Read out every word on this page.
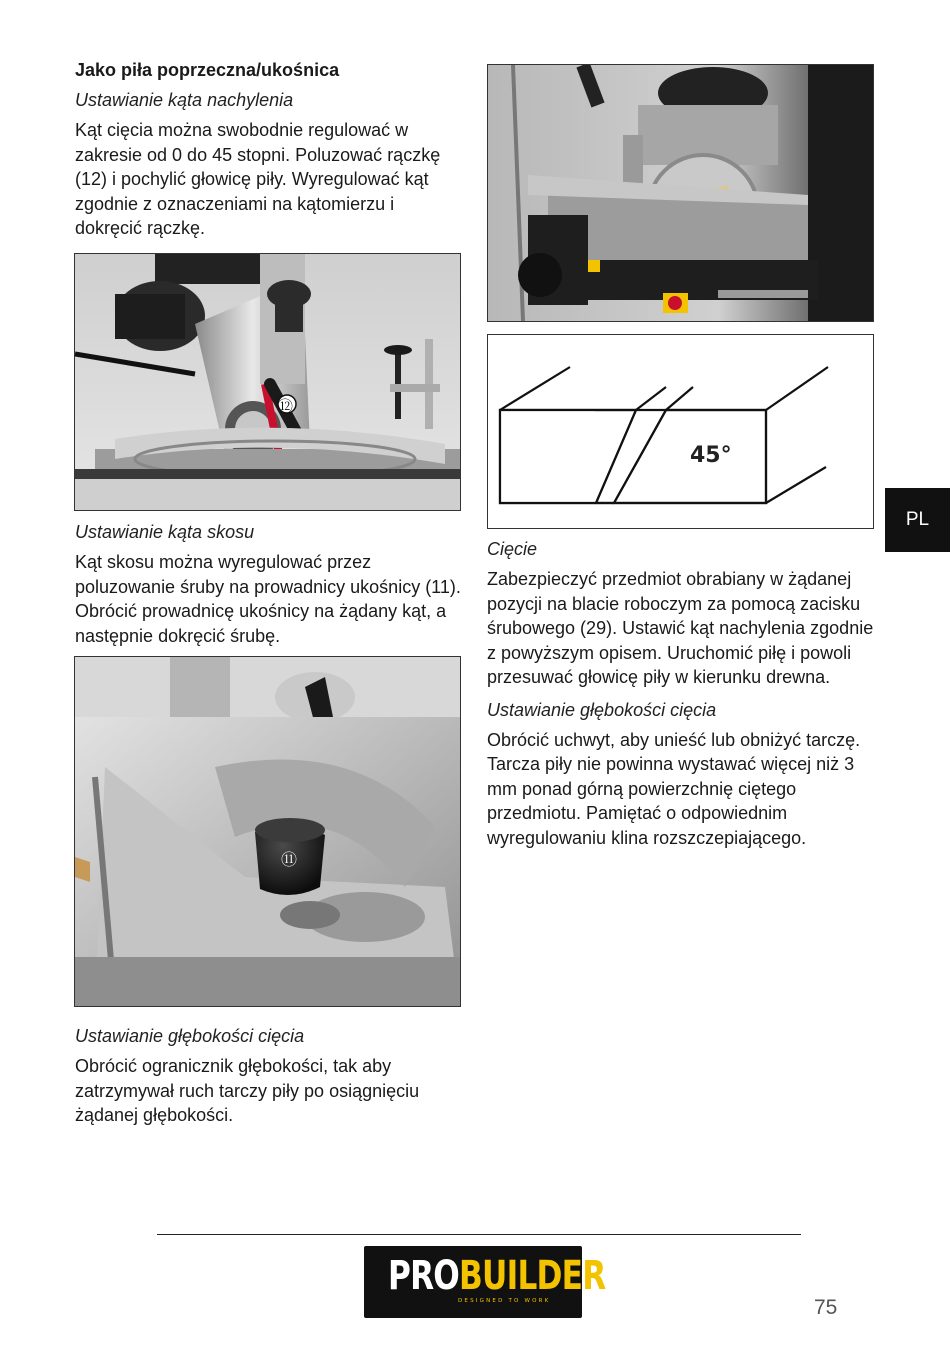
Jako piła poprzeczna/ukośnica
Ustawianie kąta nachylenia

Kąt cięcia można swobodnie regulować w zakresie od 0 do 45 stopni. Poluzować rączkę (12) i pochylić głowicę piły. Wyregulować kąt zgodnie z oznaczeniami na kątomierzu i dokręcić rączkę.

⑫
Ustawianie kąta skosu

Kąt skosu można wyregulować przez poluzowanie śruby na prowadnicy ukośnicy (11). Obrócić prowadnicę ukośnicy na żądany kąt, a następnie dokręcić śrubę.

⑪
Ustawianie głębokości cięcia

Obrócić ogranicznik głębokości, tak aby zatrzymywał ruch tarczy piły po osiągnięciu żądanej głębokości.

45°
Cięcie

Zabezpieczyć przedmiot obrabiany w żądanej pozycji na blacie roboczym za pomocą zacisku śrubowego (29). Ustawić kąt nachylenia zgodnie z powyższym opisem. Uruchomić piłę i powoli przesuwać głowicę piły w kierunku drewna.

Ustawianie głębokości cięcia

Obrócić uchwyt, aby unieść lub obniżyć tarczę. Tarcza piły nie powinna wystawać więcej niż 3 mm ponad górną powierzchnię ciętego przedmiotu. Pamiętać o odpowiednim wyregulowaniu klina rozszczepiającego.

PL
PROBUILDER
DESIGNED TO WORK	75
